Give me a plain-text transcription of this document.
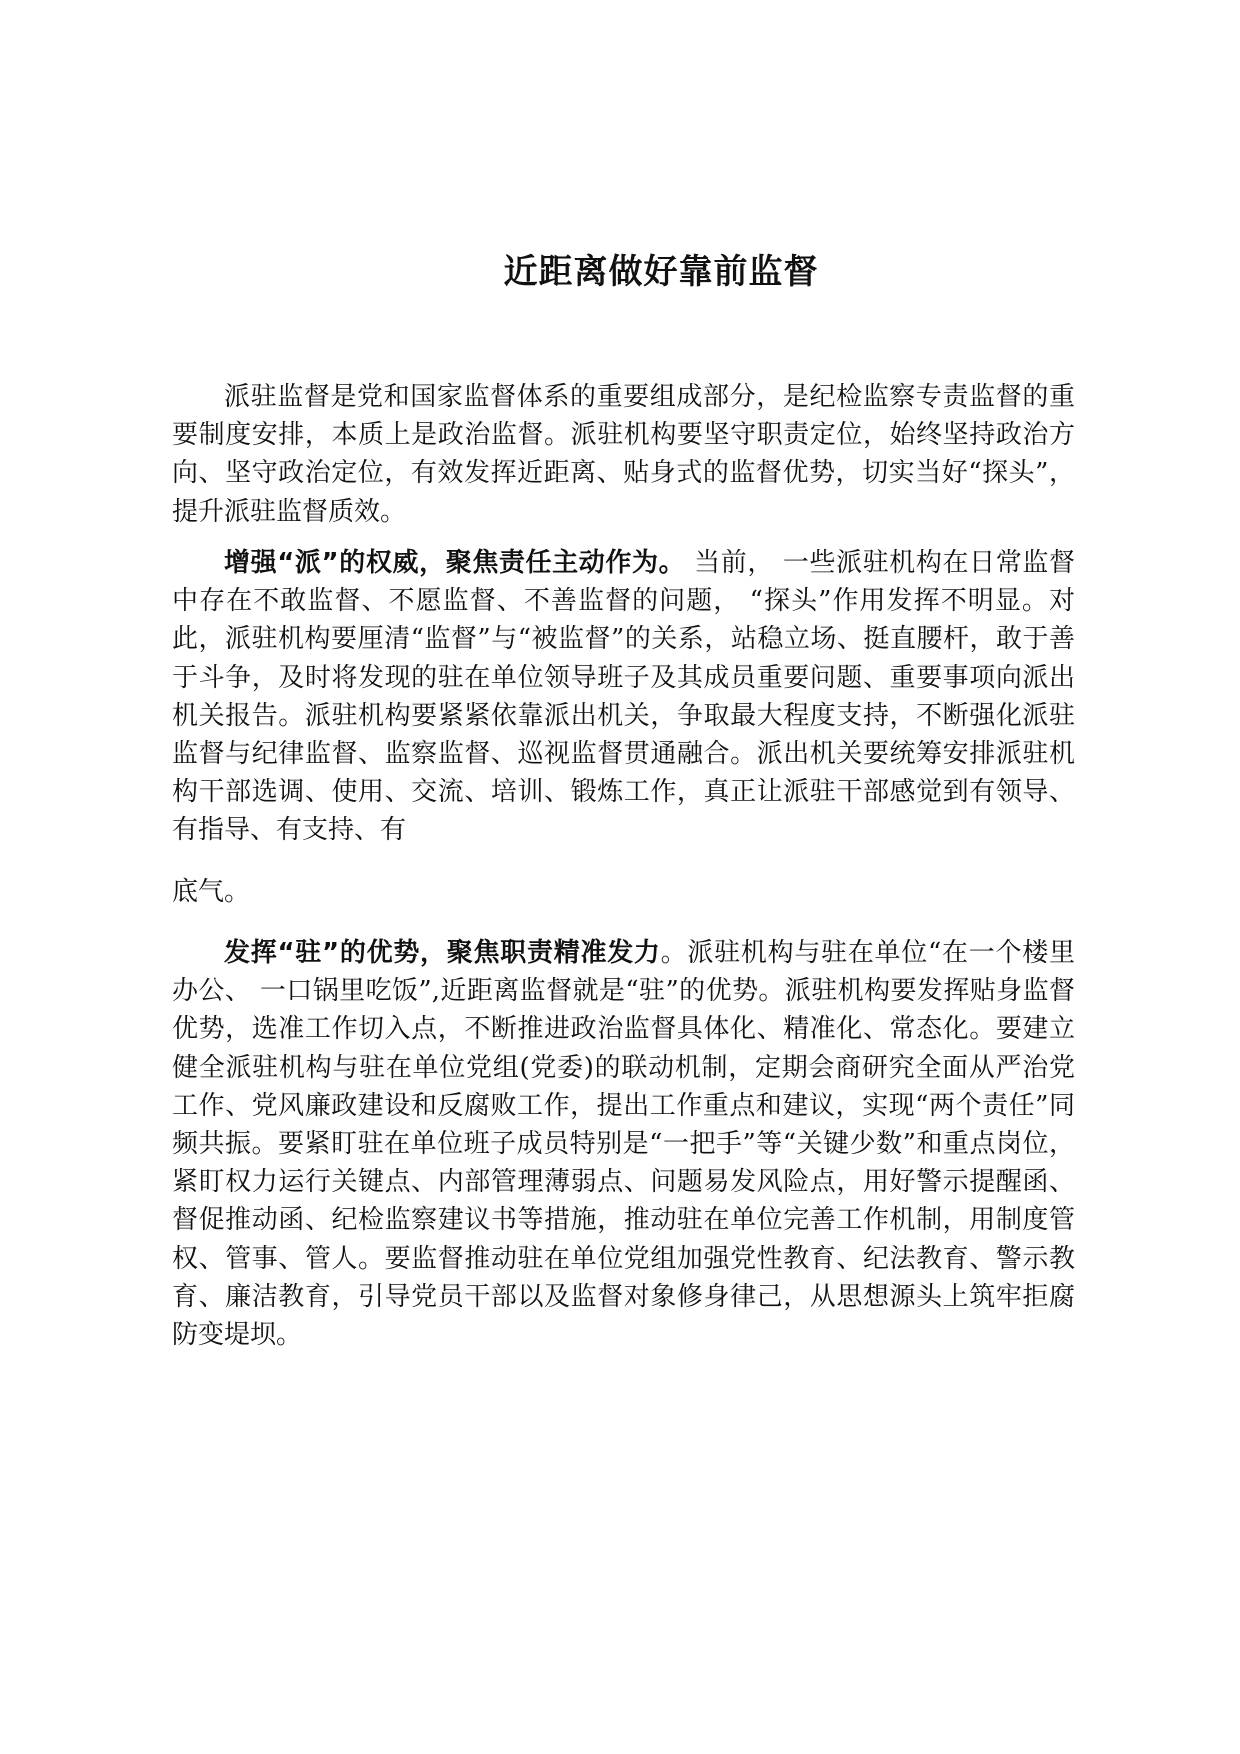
近距离做好靠前监督

派驻监督是党和国家监督体系的重要组成部分，是纪检监察专责监督的重要制度安排，本质上是政治监督。派驻机构要坚守职责定位，始终坚持政治方向、坚守政治定位，有效发挥近距离、贴身式的监督优势，切实当好“探头”，提升派驻监督质效。

增强“派”的权威，聚焦责任主动作为。 当前， 一些派驻机构在日常监督中存在不敢监督、不愿监督、不善监督的问题， “探头”作用发挥不明显。对此，派驻机构要厘清“监督”与“被监督”的关系，站稳立场、挺直腰杆，敢于善于斗争，及时将发现的驻在单位领导班子及其成员重要问题、重要事项向派出机关报告。派驻机构要紧紧依靠派出机关，争取最大程度支持，不断强化派驻监督与纪律监督、监察监督、巡视监督贯通融合。派出机关要统筹安排派驻机构干部选调、使用、交流、培训、锻炼工作，真正让派驻干部感觉到有领导、有指导、有支持、有

底气。

发挥“驻”的优势，聚焦职责精准发力。派驻机构与驻在单位“在一个楼里办公、 一口锅里吃饭”,近距离监督就是“驻”的优势。派驻机构要发挥贴身监督优势，选准工作切入点，不断推进政治监督具体化、精准化、常态化。要建立健全派驻机构与驻在单位党组(党委)的联动机制，定期会商研究全面从严治党工作、党风廉政建设和反腐败工作，提出工作重点和建议，实现“两个责任”同频共振。要紧盯驻在单位班子成员特别是“一把手”等“关键少数”和重点岗位，紧盯权力运行关键点、内部管理薄弱点、问题易发风险点，用好警示提醒函、督促推动函、纪检监察建议书等措施，推动驻在单位完善工作机制，用制度管权、管事、管人。要监督推动驻在单位党组加强党性教育、纪法教育、警示教育、廉洁教育，引导党员干部以及监督对象修身律己，从思想源头上筑牢拒腐防变堤坝。
